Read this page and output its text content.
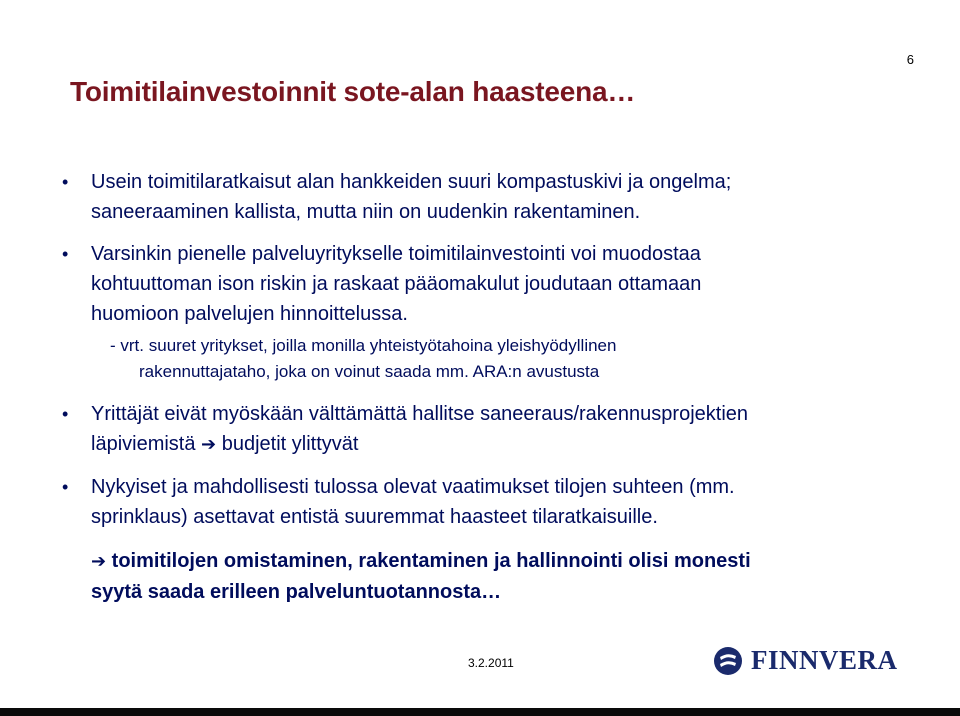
6
Toimitilainvestoinnit sote-alan haasteena…
• Usein toimitilaratkaisut alan hankkeiden suuri kompastuskivi ja ongelma;
saneeraaminen kallista, mutta niin on uudenkin rakentaminen.
• Varsinkin pienelle palveluyritykselle toimitilainvestointi voi muodostaa
kohtuuttoman ison riskin ja raskaat pääomakulut joudutaan ottamaan
huomioon palvelujen hinnoittelussa.
- vrt. suuret yritykset, joilla monilla yhteistyötahoina yleishyödyllinen
rakennuttajataho, joka on voinut saada mm. ARA:n avustusta
• Yrittäjät eivät myöskään välttämättä hallitse saneeraus/rakennusprojektien
läpiviemistä ➔ budjetit ylittyvät
• Nykyiset ja mahdollisesti tulossa olevat vaatimukset tilojen suhteen (mm.
sprinklaus) asettavat entistä suuremmat haasteet tilaratkaisuille.
➔ toimitilojen omistaminen, rakentaminen ja hallinnointi olisi monesti
syytä saada erilleen palveluntuotannosta…
3.2.2011	FINNVERA
